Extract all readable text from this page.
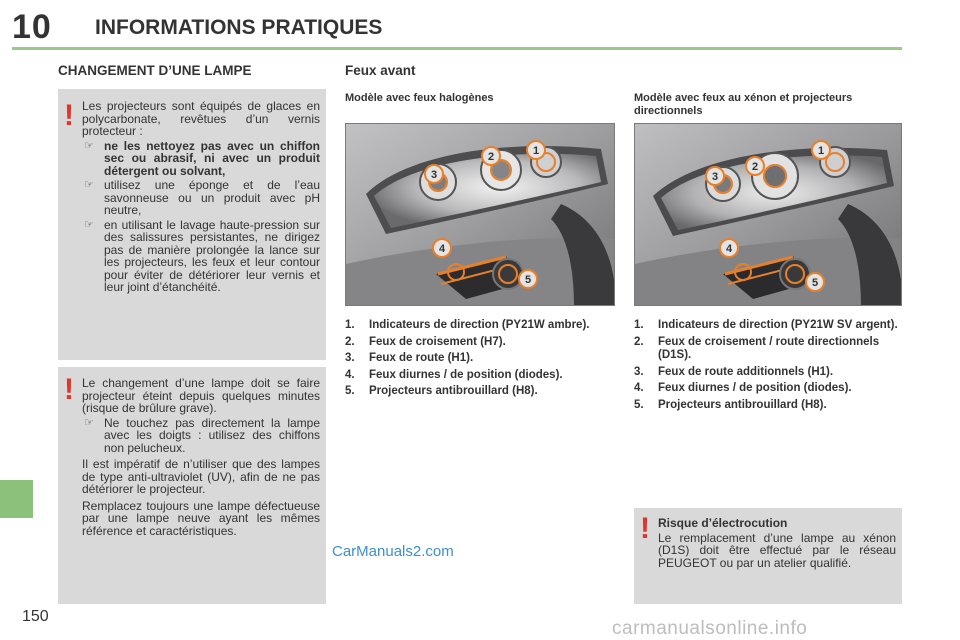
10 INFORMATIONS PRATIQUES
150
CHANGEMENT D’UNE LAMPE
! Les projecteurs sont équipés de glaces en polycarbonate, revêtues d’un vernis protecteur :

☞ ne les nettoyez pas avec un chiffon sec ou abrasif, ni avec un produit détergent ou solvant,
☞ utilisez une éponge et de l’eau savonneuse ou un produit avec pH neutre,
☞ en utilisant le lavage haute-pression sur des salissures persistantes, ne dirigez pas de manière prolongée la lance sur les projecteurs, les feux et leur contour pour éviter de détériorer leur vernis et leur joint d’étanchéité.
! Le changement d’une lampe doit se faire projecteur éteint depuis quelques minutes (risque de brûlure grave).

☞ Ne touchez pas directement la lampe avec les doigts : utilisez des chiffons non pelucheux.

Il est impératif de n’utiliser que des lampes de type anti-ultraviolet (UV), afin de ne pas détériorer le projecteur.

Remplacez toujours une lampe défectueuse par une lampe neuve ayant les mêmes référence et caractéristiques.

Feux avant
Modèle avec feux halogènes	Modèle avec feux au xénon et projecteurs directionnels
1
2
3
4
5
1
2
3
4
5
1.	Indicateurs de direction (PY21W ambre).
2.	Feux de croisement (H7).
3.	Feux de route (H1).
4.	Feux diurnes / de position (diodes).
5.	Projecteurs antibrouillard (H8).
1.	Indicateurs de direction (PY21W SV argent).
2.	Feux de croisement / route directionnels (D1S).
3.	Feux de route additionnels (H1).
4.	Feux diurnes / de position (diodes).
5.	Projecteurs antibrouillard (H8).
! Risque d’électrocution

Le remplacement d’une lampe au xénon (D1S) doit être effectué par le réseau PEUGEOT ou par un atelier qualifié.

CarManuals2.com
carmanualsonline.info
